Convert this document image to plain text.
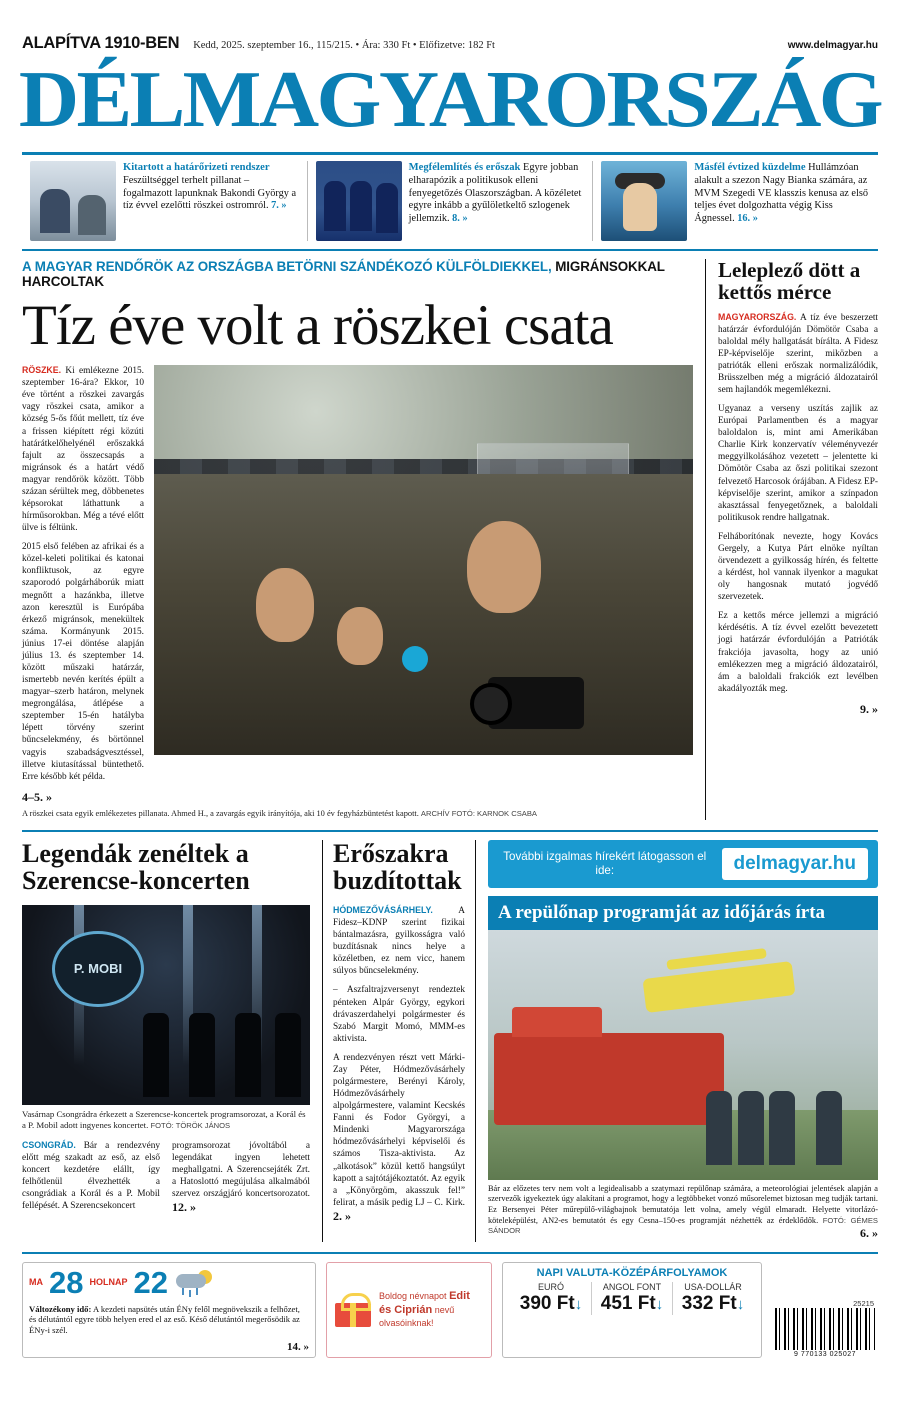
ALAPÍTVA 1910-BEN Kedd, 2025. szeptember 16., 115/215. • Ára: 330 Ft • Előfizetve: 182 Ft	www.delmagyar.hu
DÉLMAGYARORSZÁG
Kitartott a határőrizeti rendszer Feszültséggel terhelt pillanat – fogalmazott lapunknak Bakondi György a tíz évvel ezelőtti röszkei ostromról. 7. »
Megfélemlítés és erőszak Egyre jobban elharapózik a politikusok elleni fenyegetőzés Olaszországban. A közéletet egyre inkább a gyűlöletkeltő szlogenek jellemzik. 8. »
Másfél évtized küzdelme Hullámzóan alakult a szezon Nagy Bianka számára, az MVM Szegedi VE klasszis kenusa az első teljes évet dolgozhatta végig Kiss Ágnessel. 16. »
A MAGYAR RENDŐRÖK AZ ORSZÁGBA BETÖRNI SZÁNDÉKOZÓ KÜLFÖLDIEKKEL, MIGRÁNSOKKAL HARCOLTAK
Tíz éve volt a röszkei csata

RÖSZKE. Ki emlékezne 2015. szeptember 16-ára? Ekkor, 10 éve történt a röszkei zavargás vagy röszkei csata, amikor a község 5-ős főút mellett, tíz éve a frissen kiépített régi közúti határátkelőhelyénél erőszakká fajult az összecsapás a migránsok és a határt védő magyar rendőrök között. Több százan sérültek meg, döbbenetes képsorokat láthattunk a hírműsorokban. Még a tévé előtt ülve is féltünk.

2015 első felében az afrikai és a közel-keleti politikai és katonai konfliktusok, az egyre szaporodó polgárháborúk miatt megnőtt a hazánkba, illetve azon keresztül is Európába érkező migránsok, menekültek száma. Kormányunk 2015. június 17-ei döntése alapján július 13. és szeptember 14. között műszaki határzár, ismertebb nevén kerítés épült a magyar–szerb határon, melynek megrongálása, átlépése a szeptember 15-én hatályba lépett törvény szerint bűncselekmény, és börtönnel vagyis szabadságvesztéssel, illetve kiutasítással büntethető. Erre később két példa.

4–5. »
A röszkei csata egyik emlékezetes pillanata. Ahmed H., a zavargás egyik irányítója, aki 10 év fegyházbüntetést kapott. ARCHÍV FOTÓ: KARNOK CSABA
Leleplező dött a kettős mérce

MAGYARORSZÁG. A tíz éve beszerzett határzár évfordulóján Dömötör Csaba a baloldal mély hallgatását bírálta. A Fidesz EP-képviselője szerint, miközben a patrióták elleni erőszak normalizálódik, Brüsszelben még a migráció áldozatairól sem hajlandók megemlékezni.

Ugyanaz a verseny uszítás zajlik az Európai Parlamentben és a magyar baloldalon is, mint ami Amerikában Charlie Kirk konzervatív véleményvezér meggyilkolásához vezetett – jelentette ki Dömötör Csaba az őszi politikai szezont felvezető Harcosok órájában. A Fidesz EP-képviselője szerint, amikor a színpadon akasztással fenyegetőznek, a baloldali politikusok rendre hallgatnak.

Felháborítónak nevezte, hogy Kovács Gergely, a Kutya Párt elnöke nyíltan örvendezett a gyilkosság hírén, és feltette a kérdést, hol vannak ilyenkor a magukat oly hangosnak mutató jogvédő szervezetek.

Ez a kettős mérce jellemzi a migráció kérdésétis. A tíz évvel ezelőtt bevezetett jogi határzár évfordulóján a Patrióták frakciója javasolta, hogy az unió emlékezzen meg a migráció áldozatairól, ám a baloldali frakciók ezt levélben akadályozták meg.

9. »
Legendák zenéltek a Szerencse-koncerten
P. MOBI
Vasárnap Csongrádra érkezett a Szerencse-koncertek programsorozat, a Korál és a P. Mobil adott ingyenes koncertet. FOTÓ: TÖRÖK JÁNOS

CSONGRÁD. Bár a rendezvény előtt még szakadt az eső, az első koncert kezdetére elállt, így felhőtlenül élvezhették a csongrádiak a Korál és a P. Mobil fellépését. A Szerencsekoncert

programsorozat jóvoltából a legendákat ingyen lehetett meghallgatni. A Szerencsejáték Zrt. a Hatoslottó megújulása alkalmából szervez országjáró koncertsorozatot. 12. »

Erőszakra buzdítottak

HÓDMEZŐVÁSÁRHELY.	A Fidesz–KDNP szerint fizikai bántalmazásra, gyilkosságra való buzdításnak nincs helye a közéletben, ez nem vicc, hanem súlyos bűncselekmény.

– Aszfaltrajzversenyt rendeztek pénteken Alpár György, egykori drávaszerdahelyi polgármester és Szabó Margit Momó, MMM-es aktivista.

A rendezvényen részt vett Márki-Zay Péter, Hódmezővásárhely polgármestere, Berényi Károly, Hódmezővásárhely alpolgármestere, valamint Kecskés Fanni és Fodor Györgyi, a Mindenki Magyarországa hódmezővásárhelyi képviselői és számos Tisza-aktivista. Az „alkotások” közül kettő hangsúlyt kapott a sajtótájékoztatót. Az egyik a „Könyörgöm, akasszuk fel!” felirat, a másik pedig LJ – C. Kirk. 2. »

További izgalmas hírekért látogasson el ide:	delmagyar.hu
A repülőnap programját az időjárás írta
Bár az előzetes terv nem volt a legidealisabb a szatymazi repülőnap számára, a meteorológiai jelentések alapján a szervezők igyekeztek úgy alakítani a programot, hogy a legtöbbeket vonzó műsorelemet biztosan meg tudják tartani. Ez Bersenyei Péter műrepülő-világbajnok bemutatója lett volna, amely végül elmaradt. Helyette vitorlázó-köteleképülést, AN2-es bemutatót és egy Cesna–150-es programját nézhették az érdeklődők. FOTÓ: GÉMES SÁNDOR	6. »
MA 28 HOLNAP 22
Változékony idő: A kezdeti napsütés után ÉNy felől megnövekszik a felhőzet, és délutántól egyre több helyen ered el az eső. Késő délutántól megerősödik az ÉNy-i szél.
14. »
Boldog névnapot Edit és Ciprián nevű olvasóinknak!
NAPI VALUTA-KÖZÉPÁRFOLYAMOK
EURÓ
390 Ft↓
ANGOL FONT
451 Ft↓
USA-DOLLÁR
332 Ft↓	25215
9 770133 025027
